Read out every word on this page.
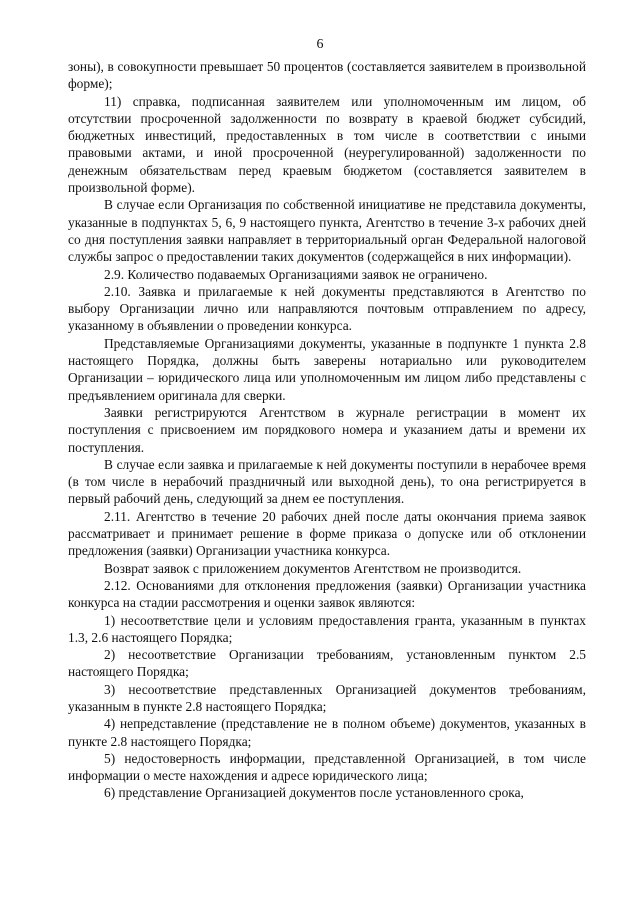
6

зоны), в совокупности превышает 50 процентов (составляется заявителем в произвольной форме);

11) справка, подписанная заявителем или уполномоченным им лицом, об отсутствии просроченной задолженности по возврату в краевой бюджет субсидий, бюджетных инвестиций, предоставленных в том числе в соответствии с иными правовыми актами, и иной просроченной (неурегулированной) задолженности по денежным обязательствам перед краевым бюджетом (составляется заявителем в произвольной форме).

В случае если Организация по собственной инициативе не представила документы, указанные в подпунктах 5, 6, 9 настоящего пункта, Агентство в течение 3-х рабочих дней со дня поступления заявки направляет в территориальный орган Федеральной налоговой службы запрос о предоставлении таких документов (содержащейся в них информации).

2.9. Количество подаваемых Организациями заявок не ограничено.

2.10. Заявка и прилагаемые к ней документы представляются в Агентство по выбору Организации лично или направляются почтовым отправлением по адресу, указанному в объявлении о проведении конкурса.

Представляемые Организациями документы, указанные в подпункте 1 пункта 2.8 настоящего Порядка, должны быть заверены нотариально или руководителем Организации – юридического лица или уполномоченным им лицом либо представлены с предъявлением оригинала для сверки.

Заявки регистрируются Агентством в журнале регистрации в момент их поступления с присвоением им порядкового номера и указанием даты и времени их поступления.

В случае если заявка и прилагаемые к ней документы поступили в нерабочее время (в том числе в нерабочий праздничный или выходной день), то она регистрируется в первый рабочий день, следующий за днем ее поступления.

2.11. Агентство в течение 20 рабочих дней после даты окончания приема заявок рассматривает и принимает решение в форме приказа о допуске или об отклонении предложения (заявки) Организации участника конкурса.

Возврат заявок с приложением документов Агентством не производится.

2.12. Основаниями для отклонения предложения (заявки) Организации участника конкурса на стадии рассмотрения и оценки заявок являются:

1) несоответствие цели и условиям предоставления гранта, указанным в пунктах 1.3, 2.6 настоящего Порядка;

2) несоответствие Организации требованиям, установленным пунктом 2.5 настоящего Порядка;

3) несоответствие представленных Организацией документов требованиям, указанным в пункте 2.8 настоящего Порядка;

4) непредставление (представление не в полном объеме) документов, указанных в пункте 2.8 настоящего Порядка;

5) недостоверность информации, представленной Организацией, в том числе информации о месте нахождения и адресе юридического лица;

6) представление Организацией документов после установленного срока,
